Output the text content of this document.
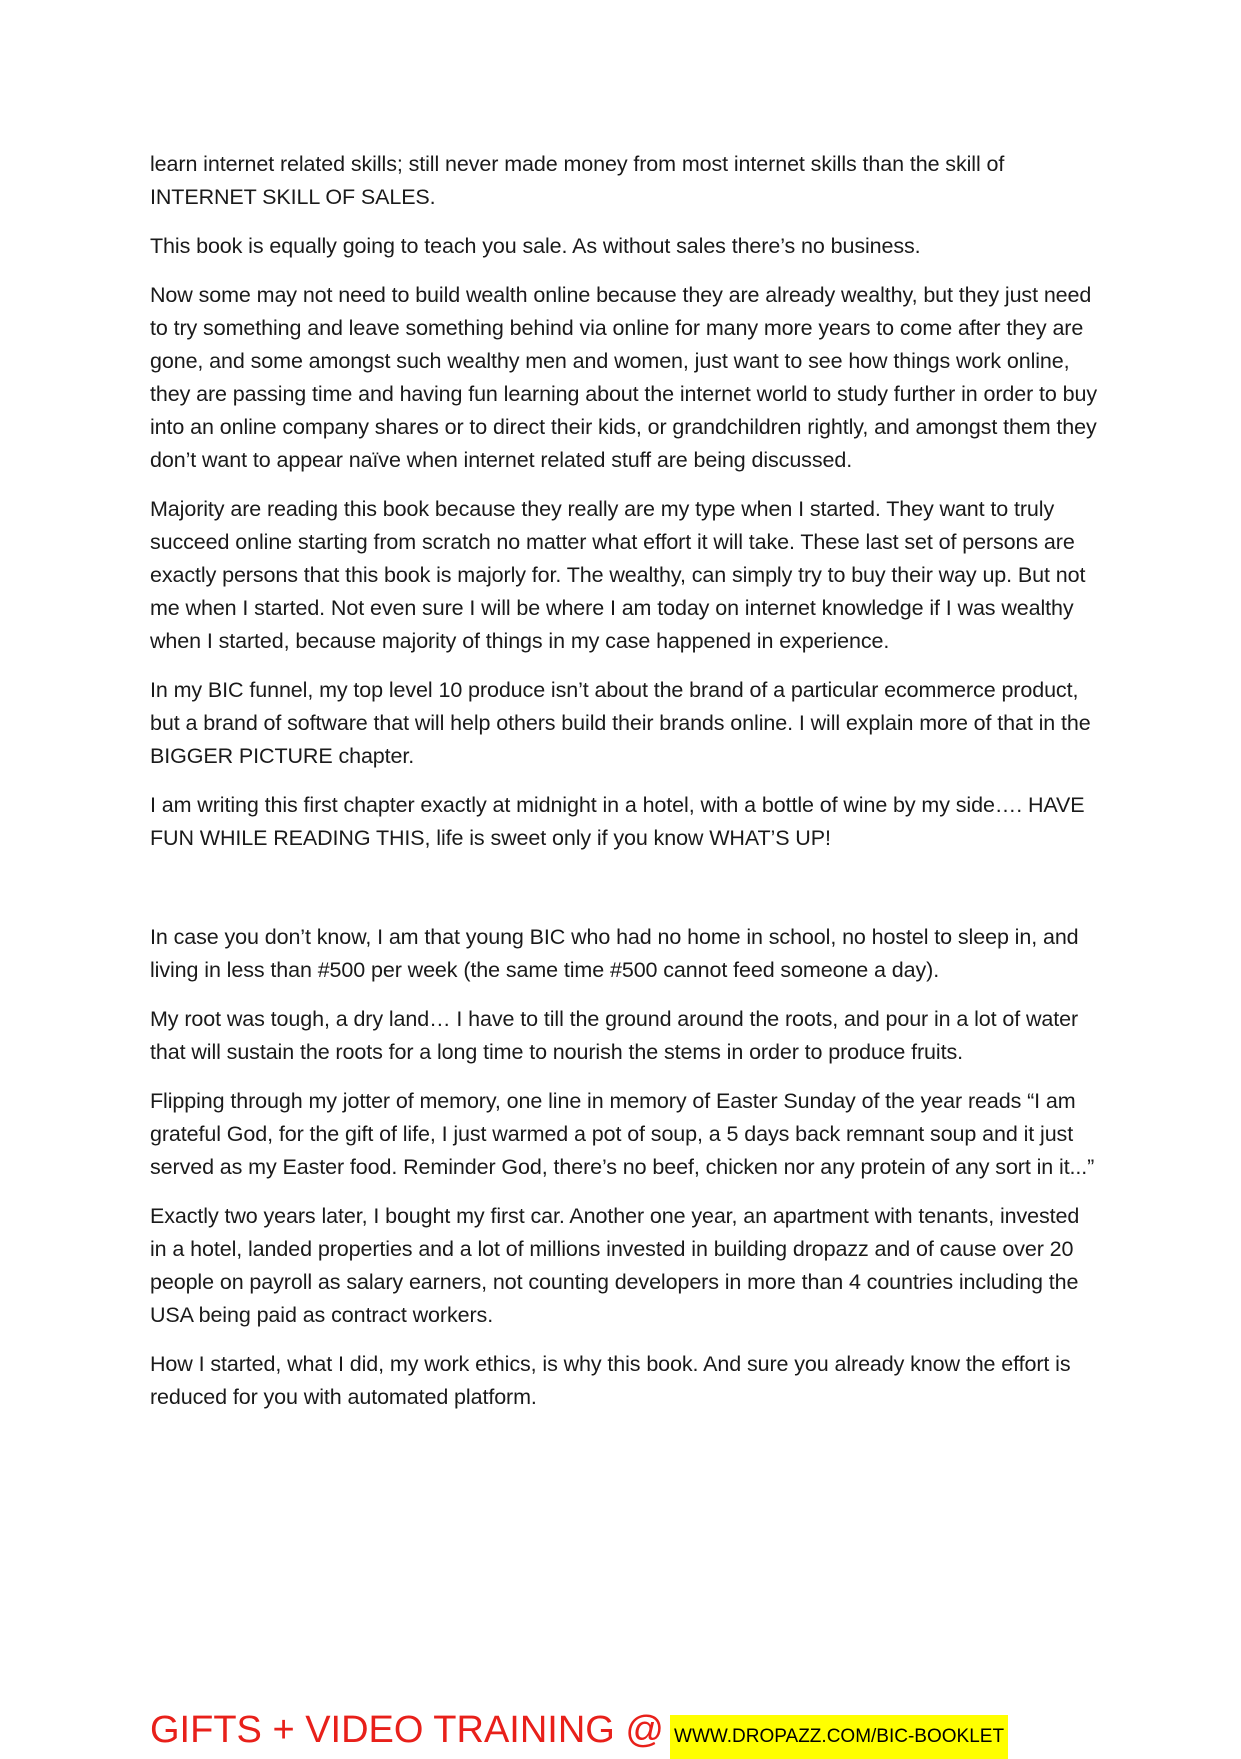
learn internet related skills; still never made money from most internet skills than the skill of INTERNET SKILL OF SALES.

This book is equally going to teach you sale. As without sales there’s no business.

Now some may not need to build wealth online because they are already wealthy, but they just need to try something and leave something behind via online for many more years to come after they are gone, and some amongst such wealthy men and women, just want to see how things work online, they are passing time and having fun learning about the internet world to study further in order to buy into an online company shares or to direct their kids, or grandchildren rightly, and amongst them they don’t want to appear naïve when internet related stuff are being discussed.

Majority are reading this book because they really are my type when I started. They want to truly succeed online starting from scratch no matter what effort it will take. These last set of persons are exactly persons that this book is majorly for. The wealthy, can simply try to buy their way up. But not me when I started. Not even sure I will be where I am today on internet knowledge if I was wealthy when I started, because majority of things in my case happened in experience.

In my BIC funnel, my top level 10 produce isn’t about the brand of a particular ecommerce product, but a brand of software that will help others build their brands online. I will explain more of that in the BIGGER PICTURE chapter.

I am writing this first chapter exactly at midnight in a hotel, with a bottle of wine by my side…. HAVE FUN WHILE READING THIS, life is sweet only if you know WHAT’S UP!

In case you don’t know, I am that young BIC who had no home in school, no hostel to sleep in, and living in less than #500 per week (the same time #500 cannot feed someone a day).

My root was tough, a dry land… I have to till the ground around the roots, and pour in a lot of water that will sustain the roots for a long time to nourish the stems in order to produce fruits.

Flipping through my jotter of memory, one line in memory of Easter Sunday of the year reads “I am grateful God, for the gift of life, I just warmed a pot of soup, a 5 days back remnant soup and it just served as my Easter food. Reminder God, there’s no beef, chicken nor any protein of any sort in it...”

Exactly two years later, I bought my first car. Another one year, an apartment with tenants, invested in a hotel, landed properties and a lot of millions invested in building dropazz and of cause over 20 people on payroll as salary earners, not counting developers in more than 4 countries including the USA being paid as contract workers.

How I started, what I did, my work ethics, is why this book. And sure you already know the effort is reduced for you with automated platform.

GIFTS + VIDEO TRAINING @ WWW.DROPAZZ.COM/BIC-BOOKLET
